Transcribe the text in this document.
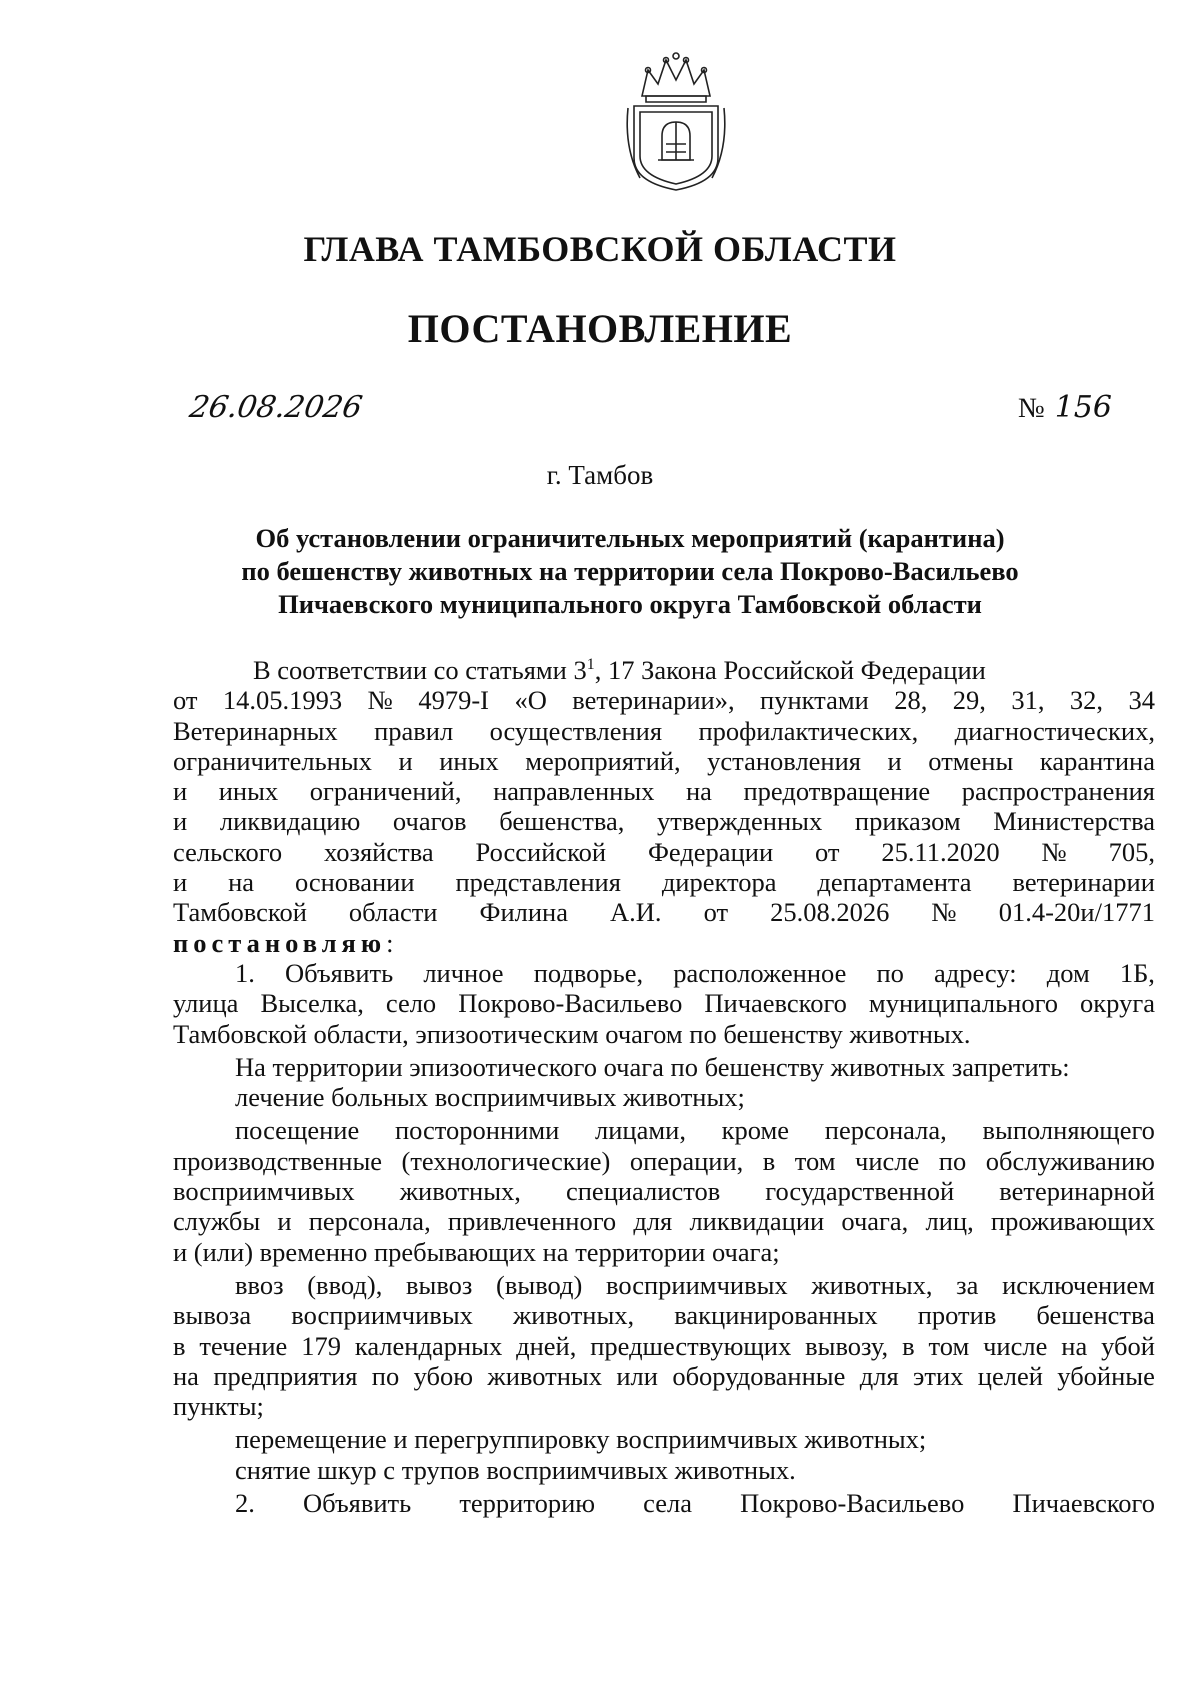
ГЛАВА ТАМБОВСКОЙ ОБЛАСТИ
ПОСТАНОВЛЕНИЕ
26.08.2026	№ 156
г. Тамбов
Об установлении ограничительных мероприятий (карантина)
по бешенству животных на территории села Покрово-Васильево
Пичаевского муниципального округа Тамбовской области
В соответствии со статьями $3^1$, 17 Закона Российской Федерации
от 14.05.1993 № 4979-I «О ветеринарии», пунктами 28, 29, 31, 32, 34
Ветеринарных правил осуществления профилактических, диагностических,
ограничительных и иных мероприятий, установления и отмены карантина
и иных ограничений, направленных на предотвращение распространения
и ликвидацию очагов бешенства, утвержденных приказом Министерства
сельского хозяйства Российской Федерации от 25.11.2020 № 705,
и на основании представления директора департамента ветеринарии
Тамбовской области Филина А.И. от 25.08.2026 № 01.4-20и/1771
постановляю :
1. Объявить личное подворье, расположенное по адресу: дом 1Б,
улица Выселка, село Покрово-Васильево Пичаевского муниципального округа
Тамбовской области, эпизоотическим очагом по бешенству животных.
На территории эпизоотического очага по бешенству животных запретить:
лечение больных восприимчивых животных;
посещение посторонними лицами, кроме персонала, выполняющего
производственные (технологические) операции, в том числе по обслуживанию
восприимчивых животных, специалистов государственной ветеринарной
службы и персонала, привлеченного для ликвидации очага, лиц, проживающих
и (или) временно пребывающих на территории очага;
ввоз (ввод), вывоз (вывод) восприимчивых животных, за исключением
вывоза восприимчивых животных, вакцинированных против бешенства
в течение 179 календарных дней, предшествующих вывозу, в том числе на убой
на предприятия по убою животных или оборудованные для этих целей убойные
пункты;
перемещение и перегруппировку восприимчивых животных;
снятие шкур с трупов восприимчивых животных.
2. Объявить территорию села Покрово-Васильево Пичаевского
